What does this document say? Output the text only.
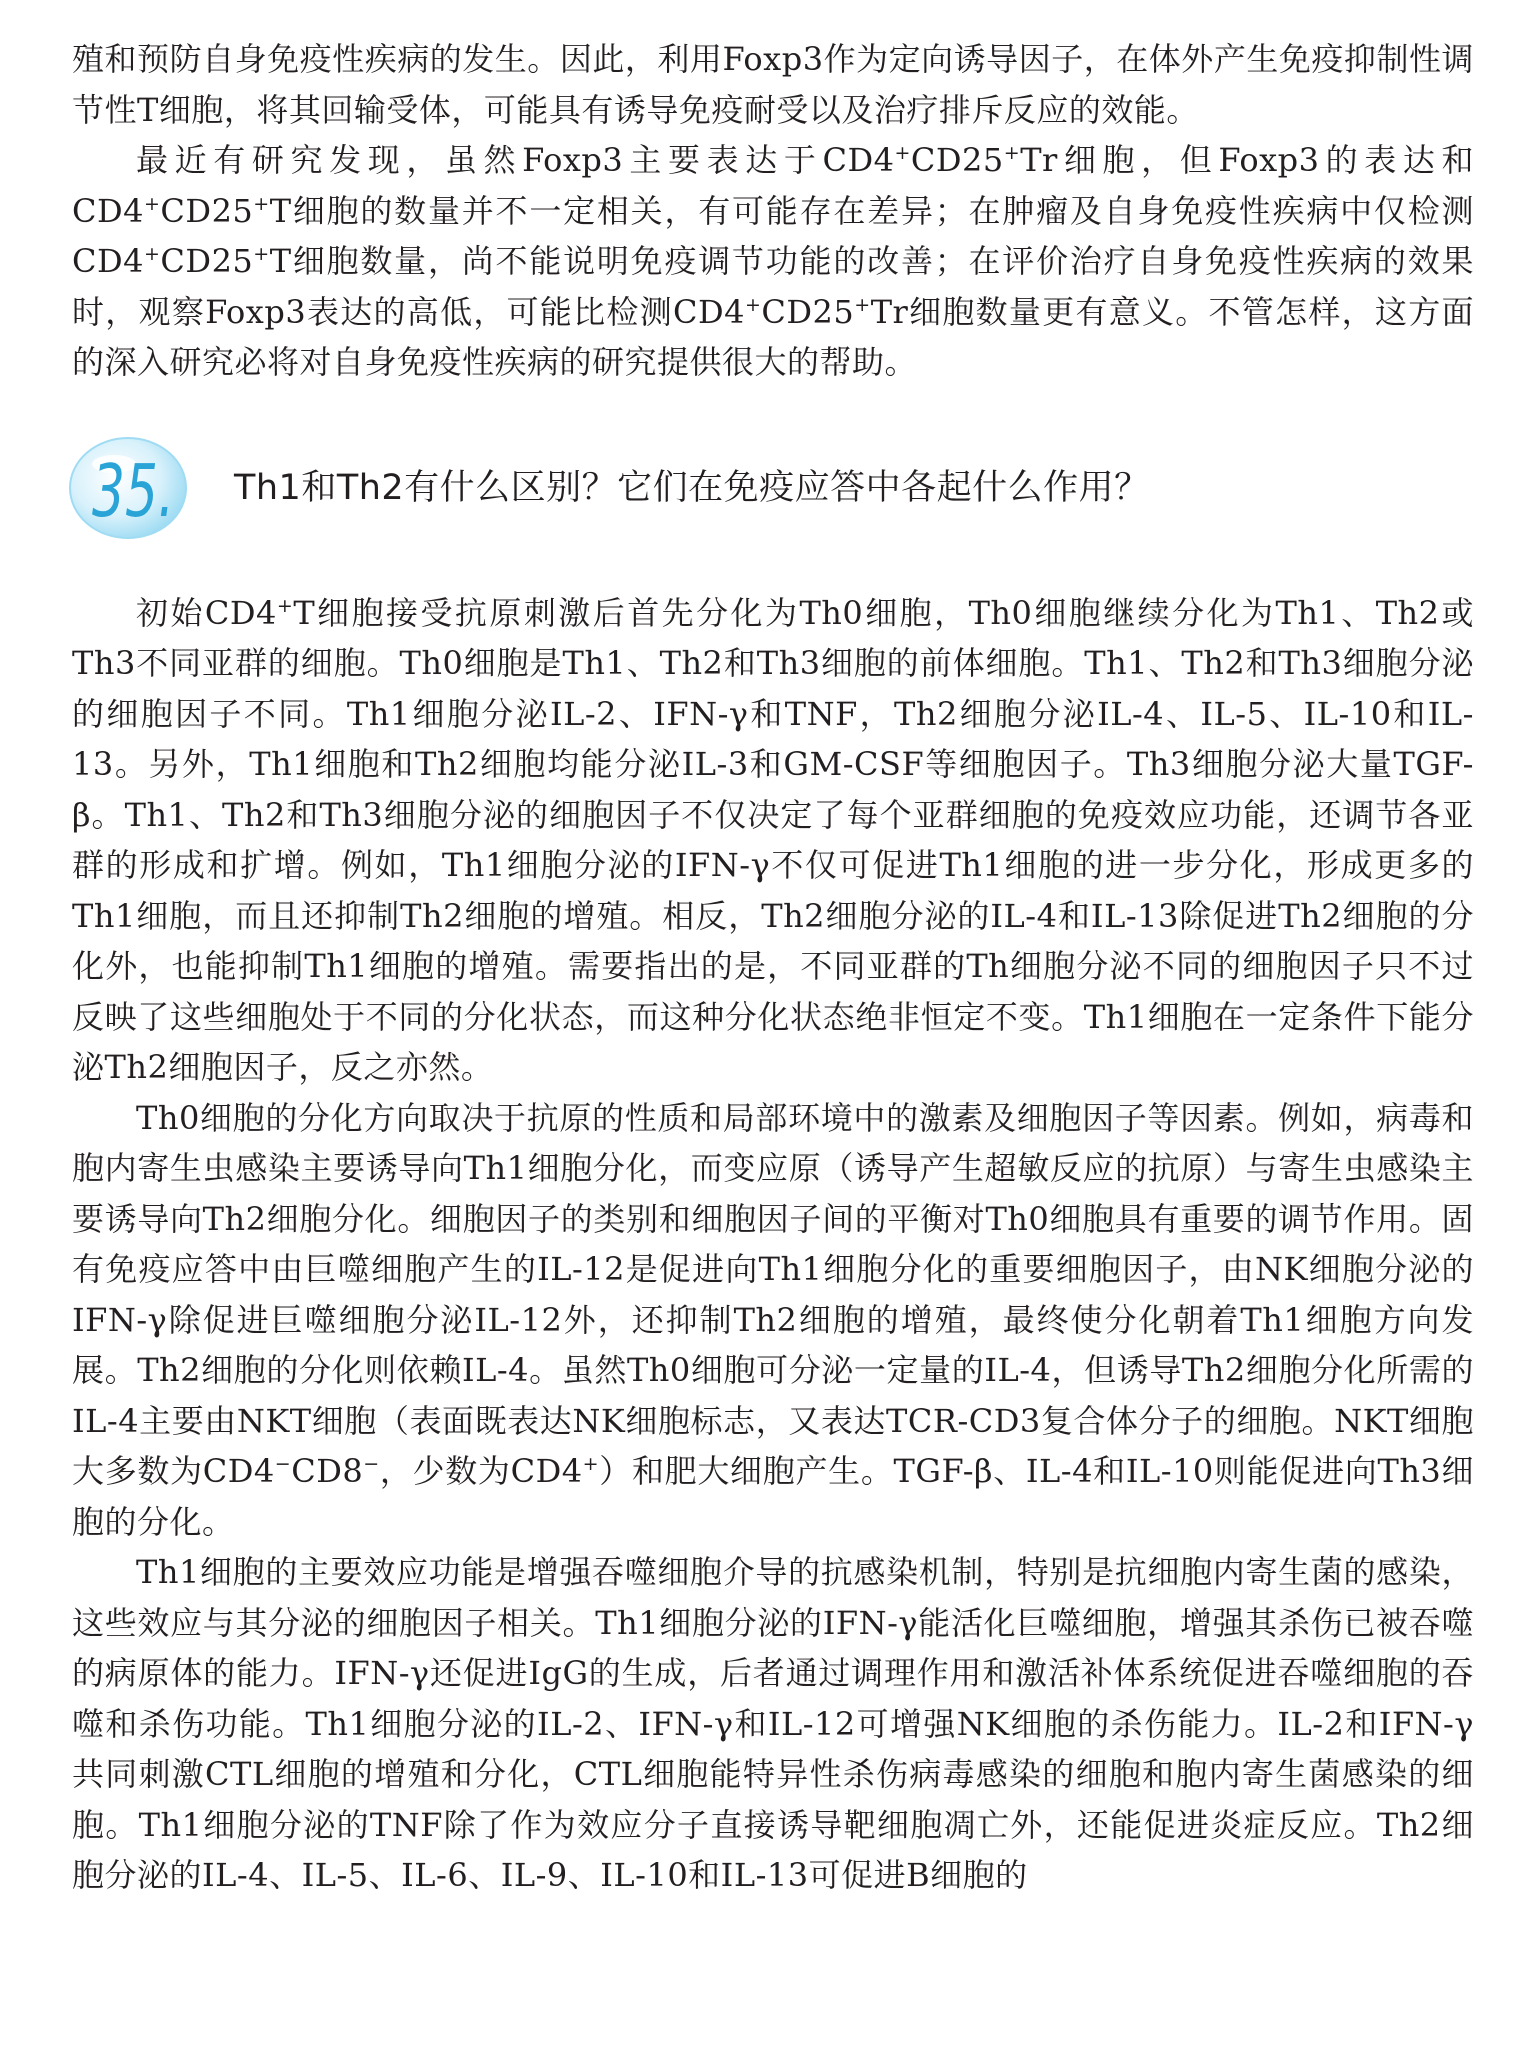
殖和预防自身免疫性疾病的发生。因此，利用Foxp3作为定向诱导因子，在体外产生免疫抑制性调节性T细胞，将其回输受体，可能具有诱导免疫耐受以及治疗排斥反应的效能。

最近有研究发现，虽然Foxp3主要表达于CD4+CD25+Tr细胞，但Foxp3的表达和CD4+CD25+T细胞的数量并不一定相关，有可能存在差异；在肿瘤及自身免疫性疾病中仅检测CD4+CD25+T细胞数量，尚不能说明免疫调节功能的改善；在评价治疗自身免疫性疾病的效果时，观察Foxp3表达的高低，可能比检测CD4+CD25+Tr细胞数量更有意义。不管怎样，这方面的深入研究必将对自身免疫性疾病的研究提供很大的帮助。

35. Th1和Th2有什么区别？它们在免疫应答中各起什么作用？

初始CD4+T细胞接受抗原刺激后首先分化为Th0细胞，Th0细胞继续分化为Th1、Th2或Th3不同亚群的细胞。Th0细胞是Th1、Th2和Th3细胞的前体细胞。Th1、Th2和Th3细胞分泌的细胞因子不同。Th1细胞分泌IL-2、IFN-γ和TNF，Th2细胞分泌IL-4、IL-5、IL-10和IL-13。另外，Th1细胞和Th2细胞均能分泌IL-3和GM-CSF等细胞因子。Th3细胞分泌大量TGF-β。Th1、Th2和Th3细胞分泌的细胞因子不仅决定了每个亚群细胞的免疫效应功能，还调节各亚群的形成和扩增。例如，Th1细胞分泌的IFN-γ不仅可促进Th1细胞的进一步分化，形成更多的Th1细胞，而且还抑制Th2细胞的增殖。相反，Th2细胞分泌的IL-4和IL-13除促进Th2细胞的分化外，也能抑制Th1细胞的增殖。需要指出的是，不同亚群的Th细胞分泌不同的细胞因子只不过反映了这些细胞处于不同的分化状态，而这种分化状态绝非恒定不变。Th1细胞在一定条件下能分泌Th2细胞因子，反之亦然。

Th0细胞的分化方向取决于抗原的性质和局部环境中的激素及细胞因子等因素。例如，病毒和胞内寄生虫感染主要诱导向Th1细胞分化，而变应原（诱导产生超敏反应的抗原）与寄生虫感染主要诱导向Th2细胞分化。细胞因子的类别和细胞因子间的平衡对Th0细胞具有重要的调节作用。固有免疫应答中由巨噬细胞产生的IL-12是促进向Th1细胞分化的重要细胞因子，由NK细胞分泌的IFN-γ除促进巨噬细胞分泌IL-12外，还抑制Th2细胞的增殖，最终使分化朝着Th1细胞方向发展。Th2细胞的分化则依赖IL-4。虽然Th0细胞可分泌一定量的IL-4，但诱导Th2细胞分化所需的IL-4主要由NKT细胞（表面既表达NK细胞标志，又表达TCR-CD3复合体分子的细胞。NKT细胞大多数为CD4−CD8−，少数为CD4+）和肥大细胞产生。TGF-β、IL-4和IL-10则能促进向Th3细胞的分化。

Th1细胞的主要效应功能是增强吞噬细胞介导的抗感染机制，特别是抗细胞内寄生菌的感染，这些效应与其分泌的细胞因子相关。Th1细胞分泌的IFN-γ能活化巨噬细胞，增强其杀伤已被吞噬的病原体的能力。IFN-γ还促进IgG的生成，后者通过调理作用和激活补体系统促进吞噬细胞的吞噬和杀伤功能。Th1细胞分泌的IL-2、IFN-γ和IL-12可增强NK细胞的杀伤能力。IL-2和IFN-γ共同刺激CTL细胞的增殖和分化，CTL细胞能特异性杀伤病毒感染的细胞和胞内寄生菌感染的细胞。Th1细胞分泌的TNF除了作为效应分子直接诱导靶细胞凋亡外，还能促进炎症反应。Th2细胞分泌的IL-4、IL-5、IL-6、IL-9、IL-10和IL-13可促进B细胞的
